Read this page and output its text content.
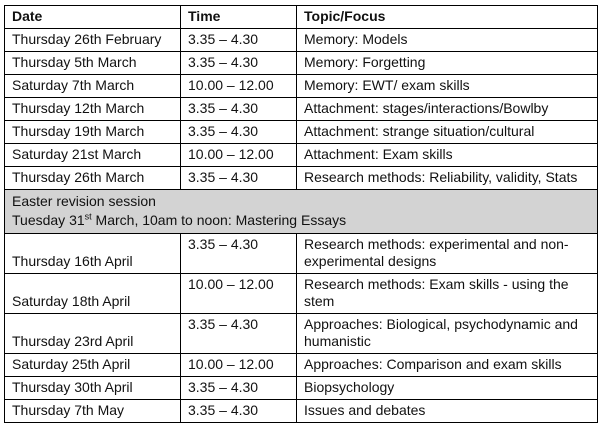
Date	Time	Topic/Focus
Thursday 26th February	3.35 – 4.30	Memory: Models
Thursday 5th March	3.35 – 4.30	Memory: Forgetting
Saturday 7th March	10.00 – 12.00	Memory: EWT/ exam skills
Thursday 12th March	3.35 – 4.30	Attachment: stages/interactions/Bowlby
Thursday 19th March	3.35 – 4.30	Attachment: strange situation/cultural
Saturday 21st March	10.00 – 12.00	Attachment: Exam skills
Thursday 26th March	3.35 – 4.30	Research methods: Reliability, validity, Stats
Easter revision session
Tuesday 31st March, 10am to noon: Mastering Essays		
Thursday 16th April	3.35 – 4.30	Research methods: experimental and non-experimental designs
Saturday 18th April	10.00 – 12.00	Research methods: Exam skills - using the stem
Thursday 23rd April	3.35 – 4.30	Approaches: Biological, psychodynamic and humanistic
Saturday 25th April	10.00 – 12.00	Approaches: Comparison and exam skills
Thursday 30th April	3.35 – 4.30	Biopsychology
Thursday 7th May	3.35 – 4.30	Issues and debates
